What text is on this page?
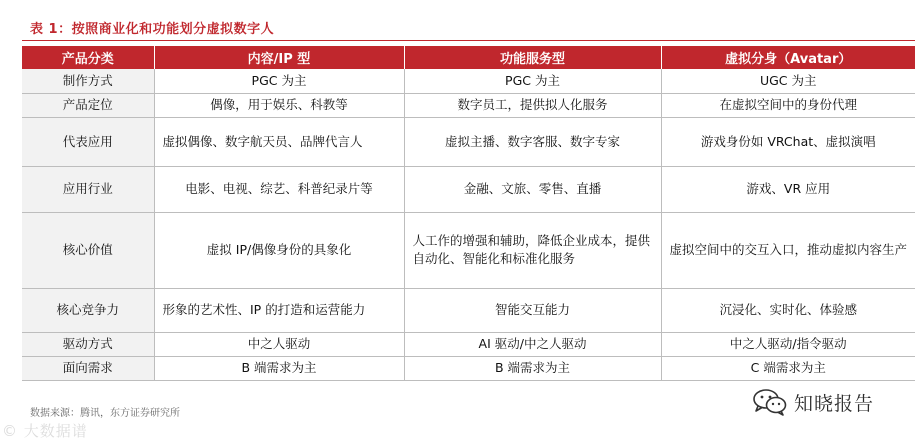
表 1：按照商业化和功能划分虚拟数字人
产品分类	内容/IP 型	功能服务型	虚拟分身（Avatar）
制作方式	PGC 为主	PGC 为主	UGC 为主
产品定位	偶像，用于娱乐、科教等	数字员工，提供拟人化服务	在虚拟空间中的身份代理
代表应用	虚拟偶像、数字航天员、品牌代言人	虚拟主播、数字客服、数字专家	游戏身份如 VRChat、虚拟演唱
应用行业	电影、电视、综艺、科普纪录片等	金融、文旅、零售、直播	游戏、VR 应用
核心价值	虚拟 IP/偶像身份的具象化	人工作的增强和辅助，降低企业成本，提供自动化、智能化和标准化服务	虚拟空间中的交互入口，推动虚拟内容生产
核心竞争力	形象的艺术性、IP 的打造和运营能力	智能交互能力	沉浸化、实时化、体验感
驱动方式	中之人驱动	AI 驱动/中之人驱动	中之人驱动/指令驱动
面向需求	B 端需求为主	B 端需求为主	C 端需求为主
数据来源：腾讯，东方证券研究所
© 大数据谱
知晓报告
